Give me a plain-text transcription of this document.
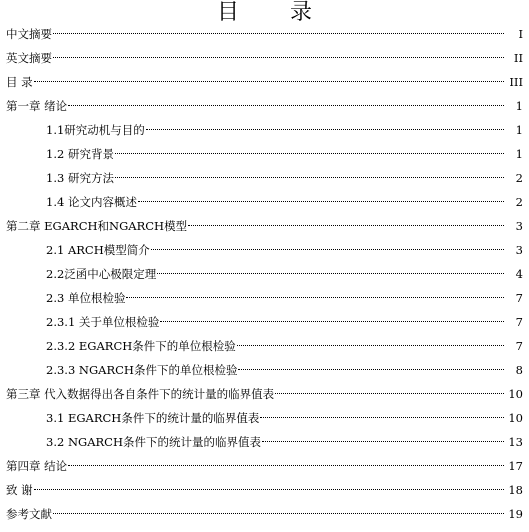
目 录
中文摘要	I
英文摘要	II
目 录	III
第一章 绪论	1
1.1研究动机与目的	1
1.2 研究背景	1
1.3 研究方法	2
1.4 论文内容概述	2
第二章 EGARCH和NGARCH模型	3
2.1 ARCH模型简介	3
2.2泛函中心极限定理	4
2.3 单位根检验	7
2.3.1 关于单位根检验	7
2.3.2 EGARCH条件下的单位根检验	7
2.3.3 NGARCH条件下的单位根检验	8
第三章 代入数据得出各自条件下的统计量的临界值表	10
3.1 EGARCH条件下的统计量的临界值表	10
3.2 NGARCH条件下的统计量的临界值表	13
第四章 结论	17
致 谢	18
参考文献	19
